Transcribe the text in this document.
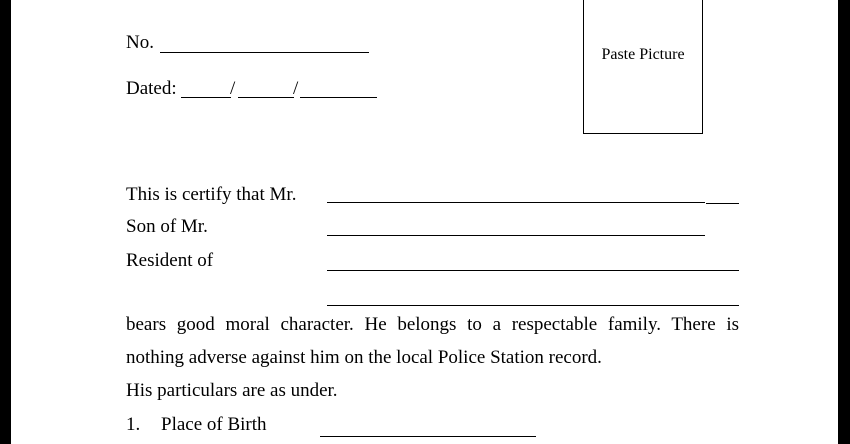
No.
Dated:	/	/
Paste Picture
This is certify that Mr.
Son of Mr.
Resident of
bears good moral character. He belongs to a respectable family. There is
nothing adverse against him on the local Police Station record.
His particulars are as under.
1. Place of Birth
